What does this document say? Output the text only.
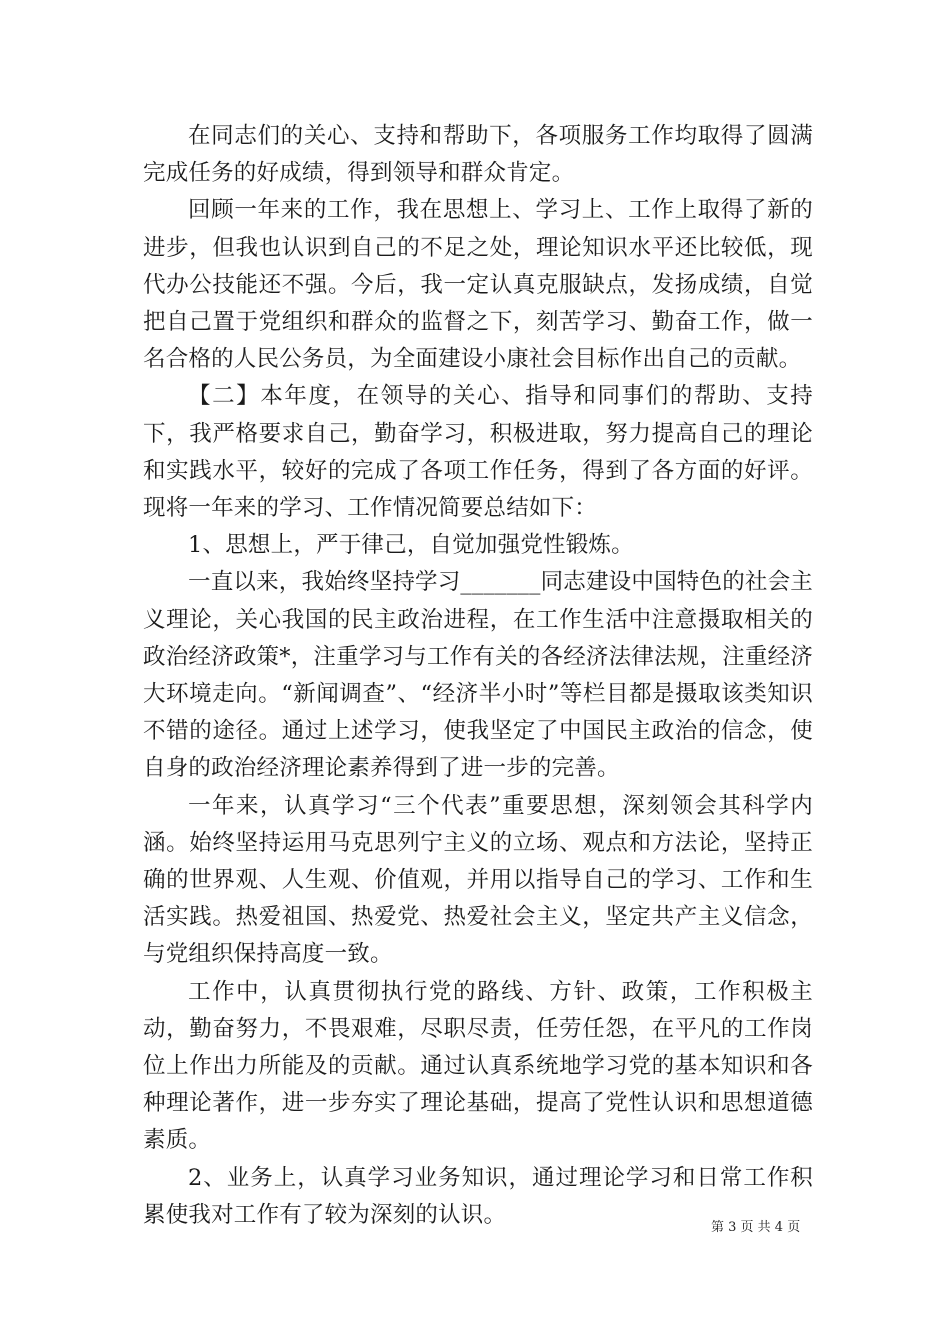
在同志们的关心、支持和帮助下，各项服务工作均取得了圆满完成任务的好成绩，得到领导和群众肯定。

回顾一年来的工作，我在思想上、学习上、工作上取得了新的进步，但我也认识到自己的不足之处，理论知识水平还比较低，现代办公技能还不强。今后，我一定认真克服缺点，发扬成绩，自觉把自己置于党组织和群众的监督之下，刻苦学习、勤奋工作，做一名合格的人民公务员，为全面建设小康社会目标作出自己的贡献。

【二】本年度，在领导的关心、指导和同事们的帮助、支持下，我严格要求自己，勤奋学习，积极进取，努力提高自己的理论和实践水平，较好的完成了各项工作任务，得到了各方面的好评。现将一年来的学习、工作情况简要总结如下：

1、思想上，严于律己，自觉加强党性锻炼。

一直以来，我始终坚持学习_______同志建设中国特色的社会主义理论，关心我国的民主政治进程，在工作生活中注意摄取相关的政治经济政策*，注重学习与工作有关的各经济法律法规，注重经济大环境走向。“新闻调查”、“经济半小时”等栏目都是摄取该类知识不错的途径。通过上述学习，使我坚定了中国民主政治的信念，使自身的政治经济理论素养得到了进一步的完善。

一年来，认真学习“三个代表”重要思想，深刻领会其科学内涵。始终坚持运用马克思列宁主义的立场、观点和方法论，坚持正确的世界观、人生观、价值观，并用以指导自己的学习、工作和生活实践。热爱祖国、热爱党、热爱社会主义，坚定共产主义信念，与党组织保持高度一致。

工作中，认真贯彻执行党的路线、方针、政策，工作积极主动，勤奋努力，不畏艰难，尽职尽责，任劳任怨，在平凡的工作岗位上作出力所能及的贡献。通过认真系统地学习党的基本知识和各种理论著作，进一步夯实了理论基础，提高了党性认识和思想道德素质。

2、业务上，认真学习业务知识，通过理论学习和日常工作积累使我对工作有了较为深刻的认识。	第 3 页 共 4 页
